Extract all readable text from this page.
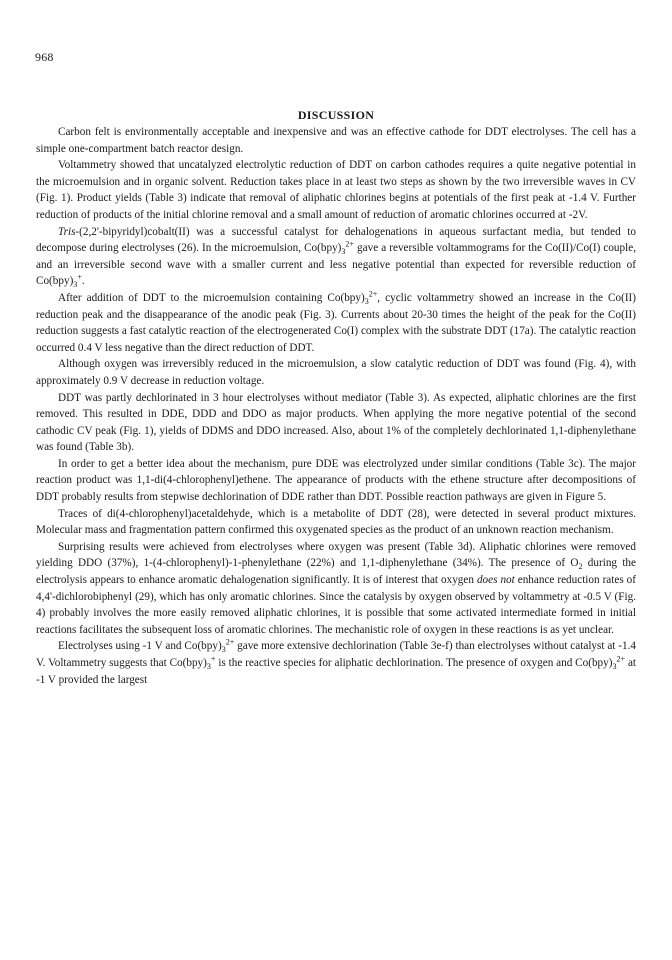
968
DISCUSSION

Carbon felt is environmentally acceptable and inexpensive and was an effective cathode for DDT electrolyses. The cell has a simple one-compartment batch reactor design.

Voltammetry showed that uncatalyzed electrolytic reduction of DDT on carbon cathodes requires a quite negative potential in the microemulsion and in organic solvent. Reduction takes place in at least two steps as shown by the two irreversible waves in CV (Fig. 1). Product yields (Table 3) indicate that removal of aliphatic chlorines begins at potentials of the first peak at -1.4 V. Further reduction of products of the initial chlorine removal and a small amount of reduction of aromatic chlorines occurred at -2V.

Tris-(2,2'-bipyridyl)cobalt(II) was a successful catalyst for dehalogenations in aqueous surfactant media, but tended to decompose during electrolyses (26). In the microemulsion, $Co(bpy)_3^{2+}$ gave a reversible voltammograms for the Co(II)/Co(I) couple, and an irreversible second wave with a smaller current and less negative potential than expected for reversible reduction of $Co(bpy)_3^+$.

After addition of DDT to the microemulsion containing $Co(bpy)_3^{2+}$, cyclic voltammetry showed an increase in the Co(II) reduction peak and the disappearance of the anodic peak (Fig. 3). Currents about 20-30 times the height of the peak for the Co(II) reduction suggests a fast catalytic reaction of the electrogenerated Co(I) complex with the substrate DDT (17a). The catalytic reaction occurred 0.4 V less negative than the direct reduction of DDT.

Although oxygen was irreversibly reduced in the microemulsion, a slow catalytic reduction of DDT was found (Fig. 4), with approximately 0.9 V decrease in reduction voltage.

DDT was partly dechlorinated in 3 hour electrolyses without mediator (Table 3). As expected, aliphatic chlorines are the first removed. This resulted in DDE, DDD and DDO as major products. When applying the more negative potential of the second cathodic CV peak (Fig. 1), yields of DDMS and DDO increased. Also, about 1% of the completely dechlorinated 1,1-diphenylethane was found (Table 3b).

In order to get a better idea about the mechanism, pure DDE was electrolyzed under similar conditions (Table 3c). The major reaction product was 1,1-di(4-chlorophenyl)ethene. The appearance of products with the ethene structure after decompositions of DDT probably results from stepwise dechlorination of DDE rather than DDT. Possible reaction pathways are given in Figure 5.

Traces of di(4-chlorophenyl)acetaldehyde, which is a metabolite of DDT (28), were detected in several product mixtures. Molecular mass and fragmentation pattern confirmed this oxygenated species as the product of an unknown reaction mechanism.

Surprising results were achieved from electrolyses where oxygen was present (Table 3d). Aliphatic chlorines were removed yielding DDO (37%), 1-(4-chlorophenyl)-1-phenylethane (22%) and 1,1-diphenylethane (34%). The presence of $O_2$ during the electrolysis appears to enhance aromatic dehalogenation significantly. It is of interest that oxygen does not enhance reduction rates of 4,4'-dichlorobiphenyl (29), which has only aromatic chlorines. Since the catalysis by oxygen observed by voltammetry at -0.5 V (Fig. 4) probably involves the more easily removed aliphatic chlorines, it is possible that some activated intermediate formed in initial reactions facilitates the subsequent loss of aromatic chlorines. The mechanistic role of oxygen in these reactions is as yet unclear.

Electrolyses using -1 V and $Co(bpy)_3^{2+}$ gave more extensive dechlorination (Table 3e-f) than electrolyses without catalyst at -1.4 V. Voltammetry suggests that $Co(bpy)_3^+$ is the reactive species for aliphatic dechlorination. The presence of oxygen and $Co(bpy)_3^{2+}$ at -1 V provided the largest
